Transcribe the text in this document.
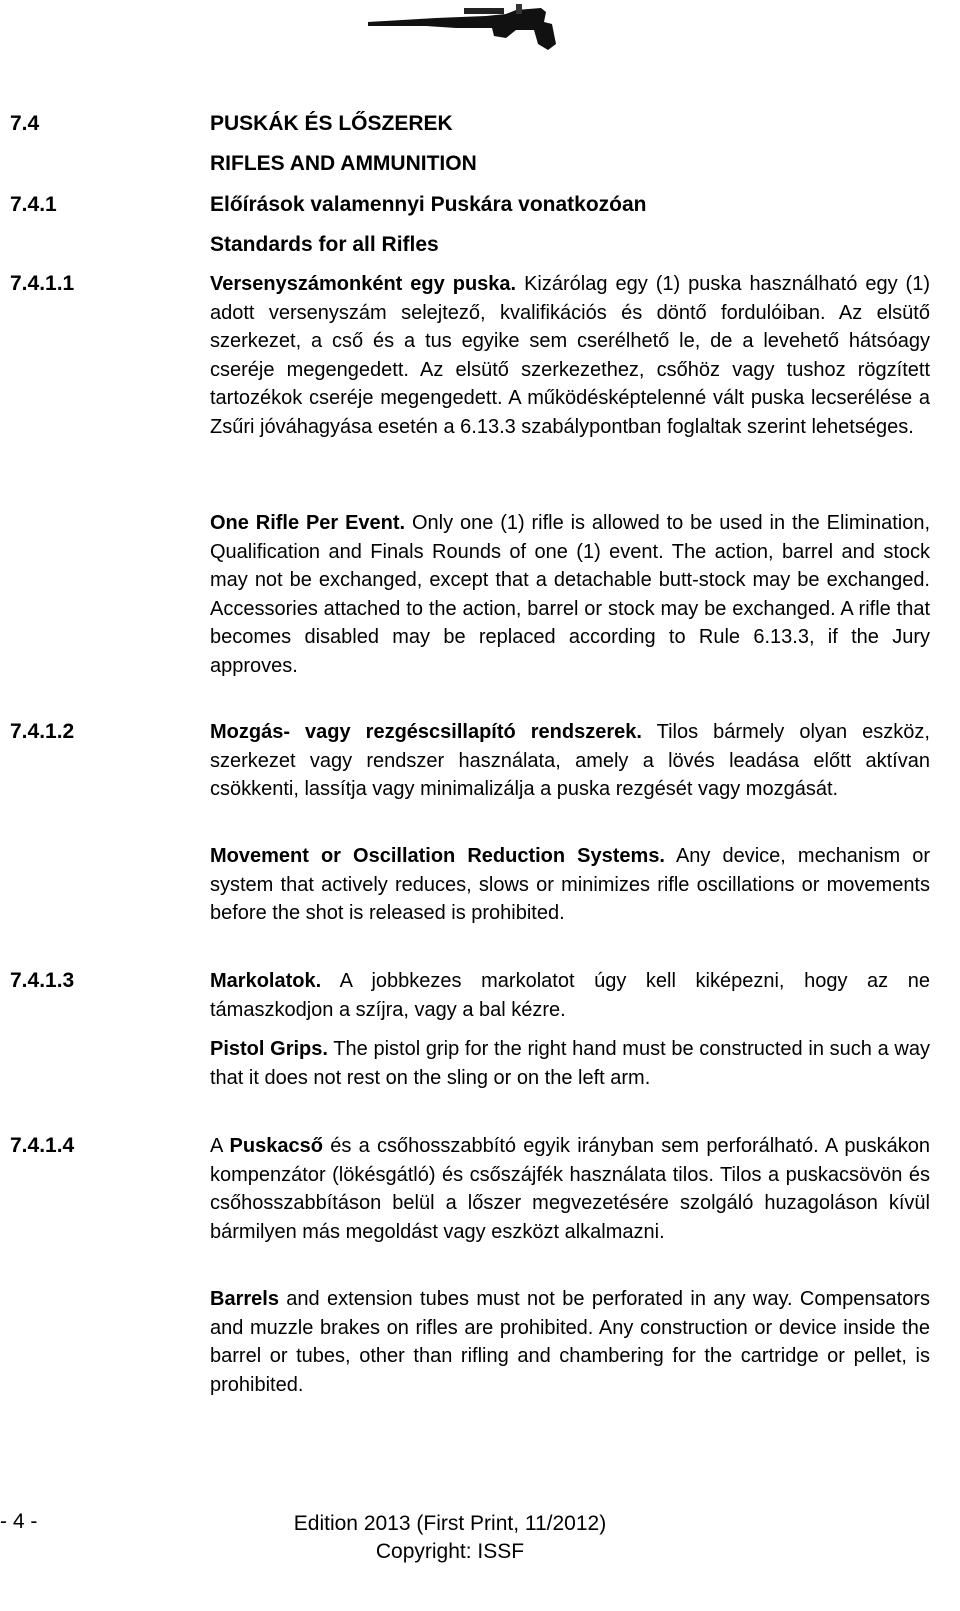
7.4	PUSKÁK ÉS LŐSZEREK
RIFLES AND AMMUNITION
7.4.1	Előírások valamennyi Puskára vonatkozóan
Standards for all Rifles
7.4.1.1	Versenyszámonként egy puska. Kizárólag egy (1) puska használható egy (1) adott versenyszám selejtező, kvalifikációs és döntő fordulóiban. Az elsütő szerkezet, a cső és a tus egyike sem cserélhető le, de a levehető hátsóagy cseréje megengedett. Az elsütő szerkezethez, csőhöz vagy tushoz rögzített tartozékok cseréje megengedett. A működésképtelenné vált puska lecserélése a Zsűri jóváhagyása esetén a 6.13.3 szabálypontban foglaltak szerint lehetséges.
One Rifle Per Event. Only one (1) rifle is allowed to be used in the Elimination, Qualification and Finals Rounds of one (1) event. The action, barrel and stock may not be exchanged, except that a detachable butt-stock may be exchanged. Accessories attached to the action, barrel or stock may be exchanged. A rifle that becomes disabled may be replaced according to Rule 6.13.3, if the Jury approves.
7.4.1.2	Mozgás- vagy rezgéscsillapító rendszerek. Tilos bármely olyan eszköz, szerkezet vagy rendszer használata, amely a lövés leadása előtt aktívan csökkenti, lassítja vagy minimalizálja a puska rezgését vagy mozgását.
Movement or Oscillation Reduction Systems. Any device, mechanism or system that actively reduces, slows or minimizes rifle oscillations or movements before the shot is released is prohibited.
7.4.1.3	Markolatok. A jobbkezes markolatot úgy kell kiképezni, hogy az ne támaszkodjon a szíjra, vagy a bal kézre.
Pistol Grips. The pistol grip for the right hand must be constructed in such a way that it does not rest on the sling or on the left arm.
7.4.1.4	A Puskacső és a csőhosszabbító egyik irányban sem perforálható. A puskákon kompenzátor (lökésgátló) és csőszájfék használata tilos. Tilos a puskacsövön és csőhosszabbításon belül a lőszer megvezetésére szolgáló huzagoláson kívül bármilyen más megoldást vagy eszközt alkalmazni.
Barrels and extension tubes must not be perforated in any way. Compensators and muzzle brakes on rifles are prohibited. Any construction or device inside the barrel or tubes, other than rifling and chambering for the cartridge or pellet, is prohibited.
- 4 -	Edition 2013 (First Print, 11/2012)
Copyright: ISSF
